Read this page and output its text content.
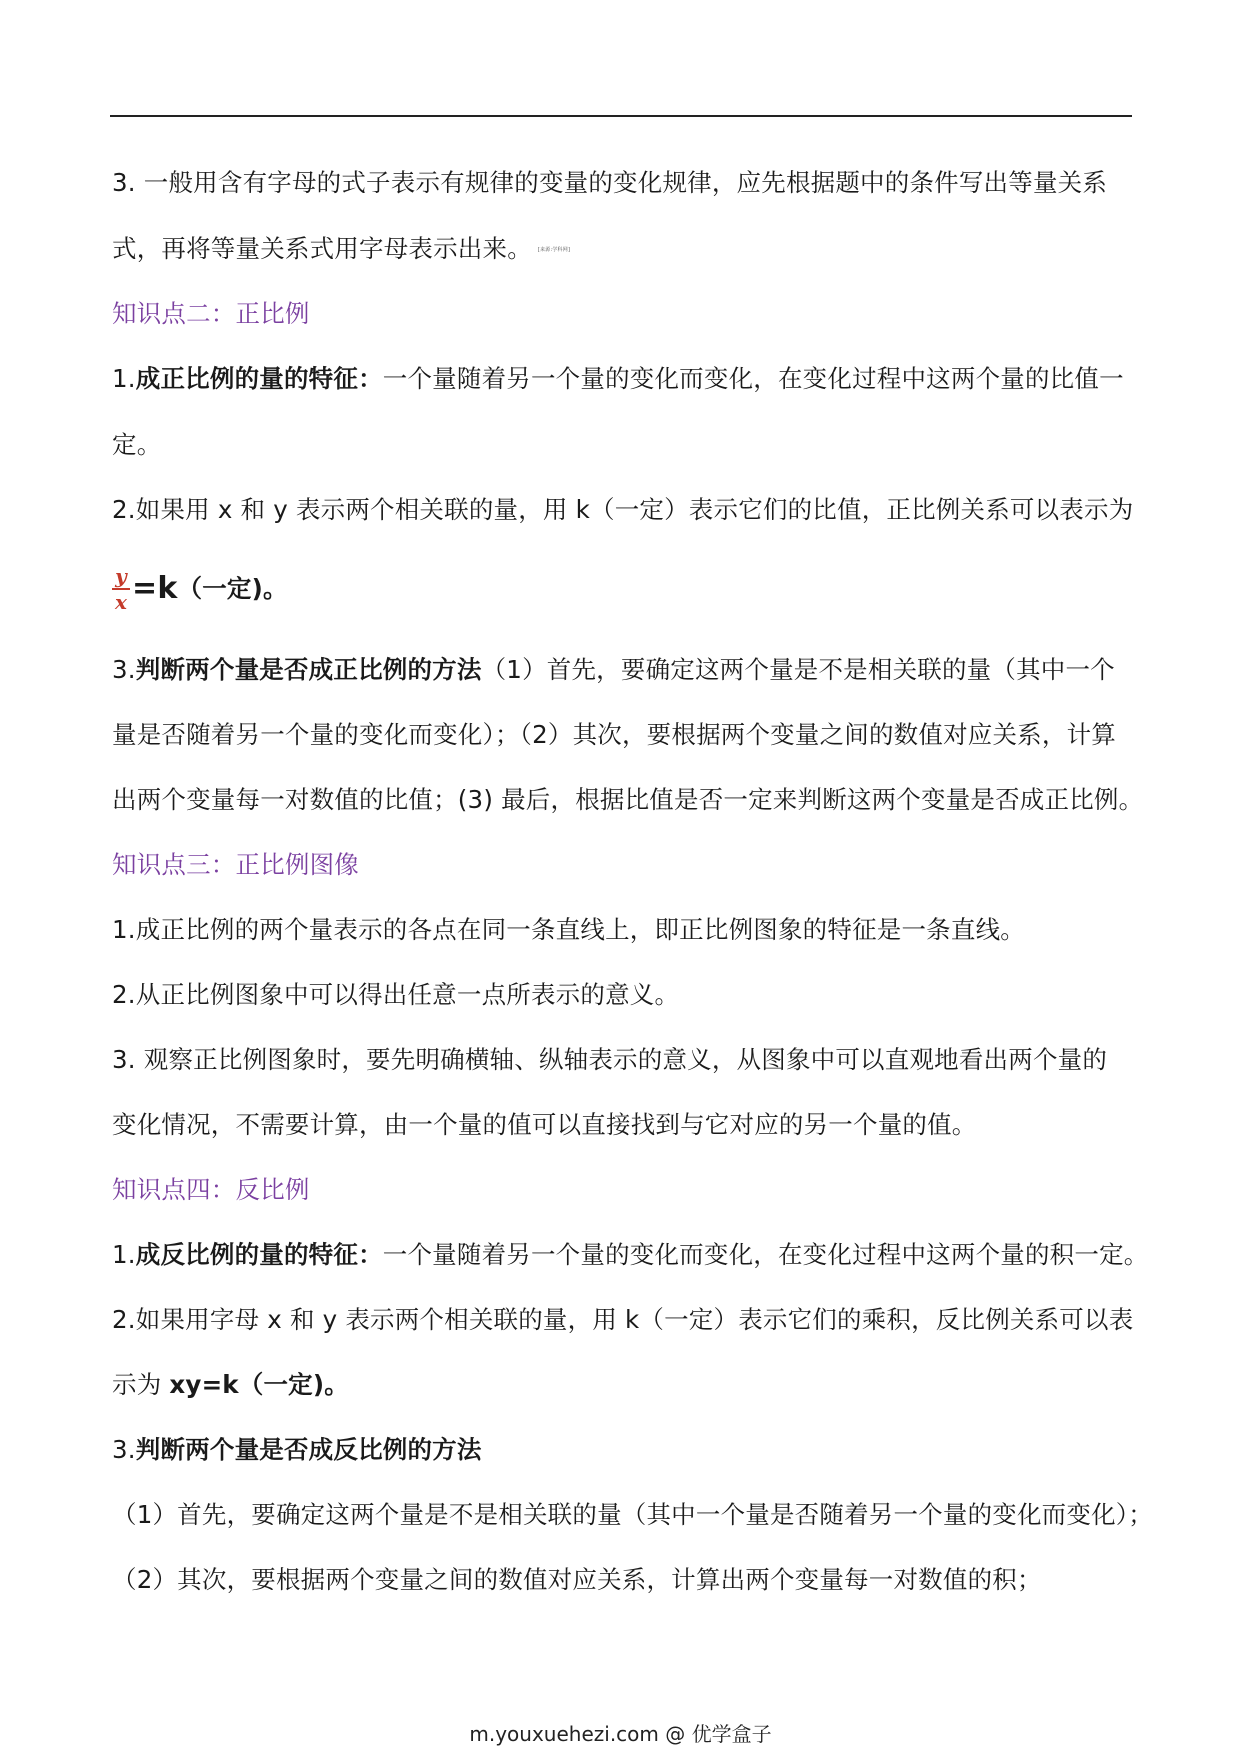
3. 一般用含有字母的式子表示有规律的变量的变化规律，应先根据题中的条件写出等量关系
式，再将等量关系式用字母表示出来。 [来源:学科网]
知识点二：正比例
1.成正比例的量的特征：一个量随着另一个量的变化而变化，在变化过程中这两个量的比值一
定。
2.如果用 x 和 y 表示两个相关联的量，用 k（一定）表示它们的比值，正比例关系可以表示为
$\frac{y}{x} =k$（一定)。
3.判断两个量是否成正比例的方法（1）首先，要确定这两个量是不是相关联的量（其中一个
量是否随着另一个量的变化而变化）；（2）其次，要根据两个变量之间的数值对应关系，计算
出两个变量每一对数值的比值；(3) 最后，根据比值是否一定来判断这两个变量是否成正比例。
知识点三：正比例图像
1.成正比例的两个量表示的各点在同一条直线上，即正比例图象的特征是一条直线。
2.从正比例图象中可以得出任意一点所表示的意义。
3. 观察正比例图象时，要先明确横轴、纵轴表示的意义，从图象中可以直观地看出两个量的
变化情况，不需要计算，由一个量的值可以直接找到与它对应的另一个量的值。
知识点四：反比例
1.成反比例的量的特征：一个量随着另一个量的变化而变化，在变化过程中这两个量的积一定。
2.如果用字母 x 和 y 表示两个相关联的量，用 k（一定）表示它们的乘积，反比例关系可以表
示为 xy=k（一定)。
3.判断两个量是否成反比例的方法
（1）首先，要确定这两个量是不是相关联的量（其中一个量是否随着另一个量的变化而变化）；
（2）其次，要根据两个变量之间的数值对应关系，计算出两个变量每一对数值的积；
m.youxuehezi.com @ 优学盒子
